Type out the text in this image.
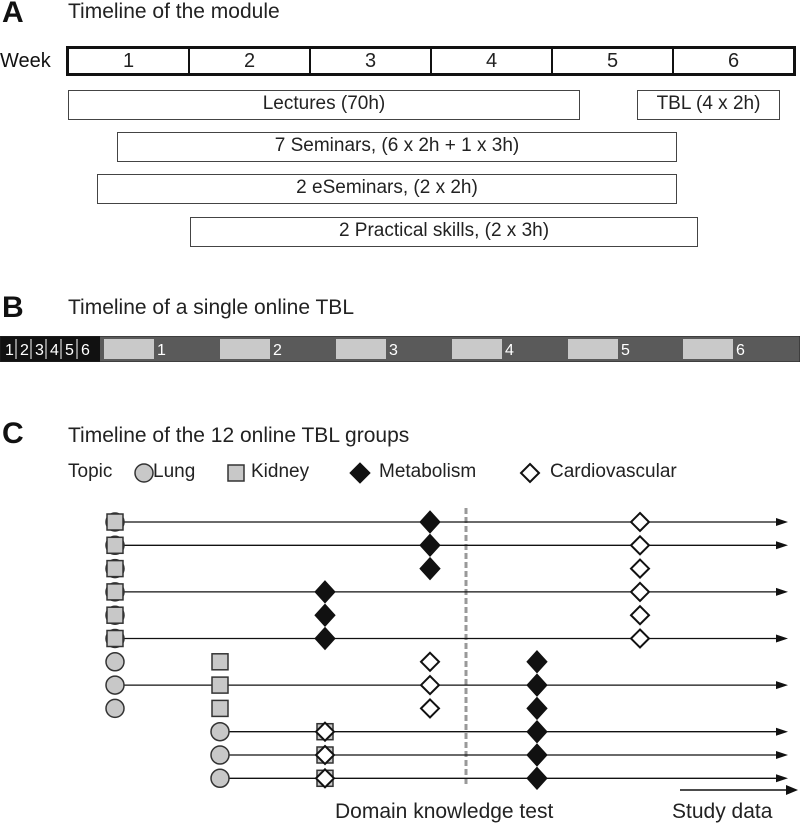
A Timeline of the module
Week	1	2	3	4	5	6
Lectures (70h)	TBL (4 x 2h)
7 Seminars, (6 x 2h + 1 x 3h)
2 eSeminars, (2 x 2h)
2 Practical skills, (2 x 3h)
B Timeline of a single online TBL
1 2 3 4 5 6	1	2	3	4	5	6
C Timeline of the 12 online TBL groups
Topic Lung	Kidney	Metabolism	Cardiovascular
Domain knowledge test	Study data
